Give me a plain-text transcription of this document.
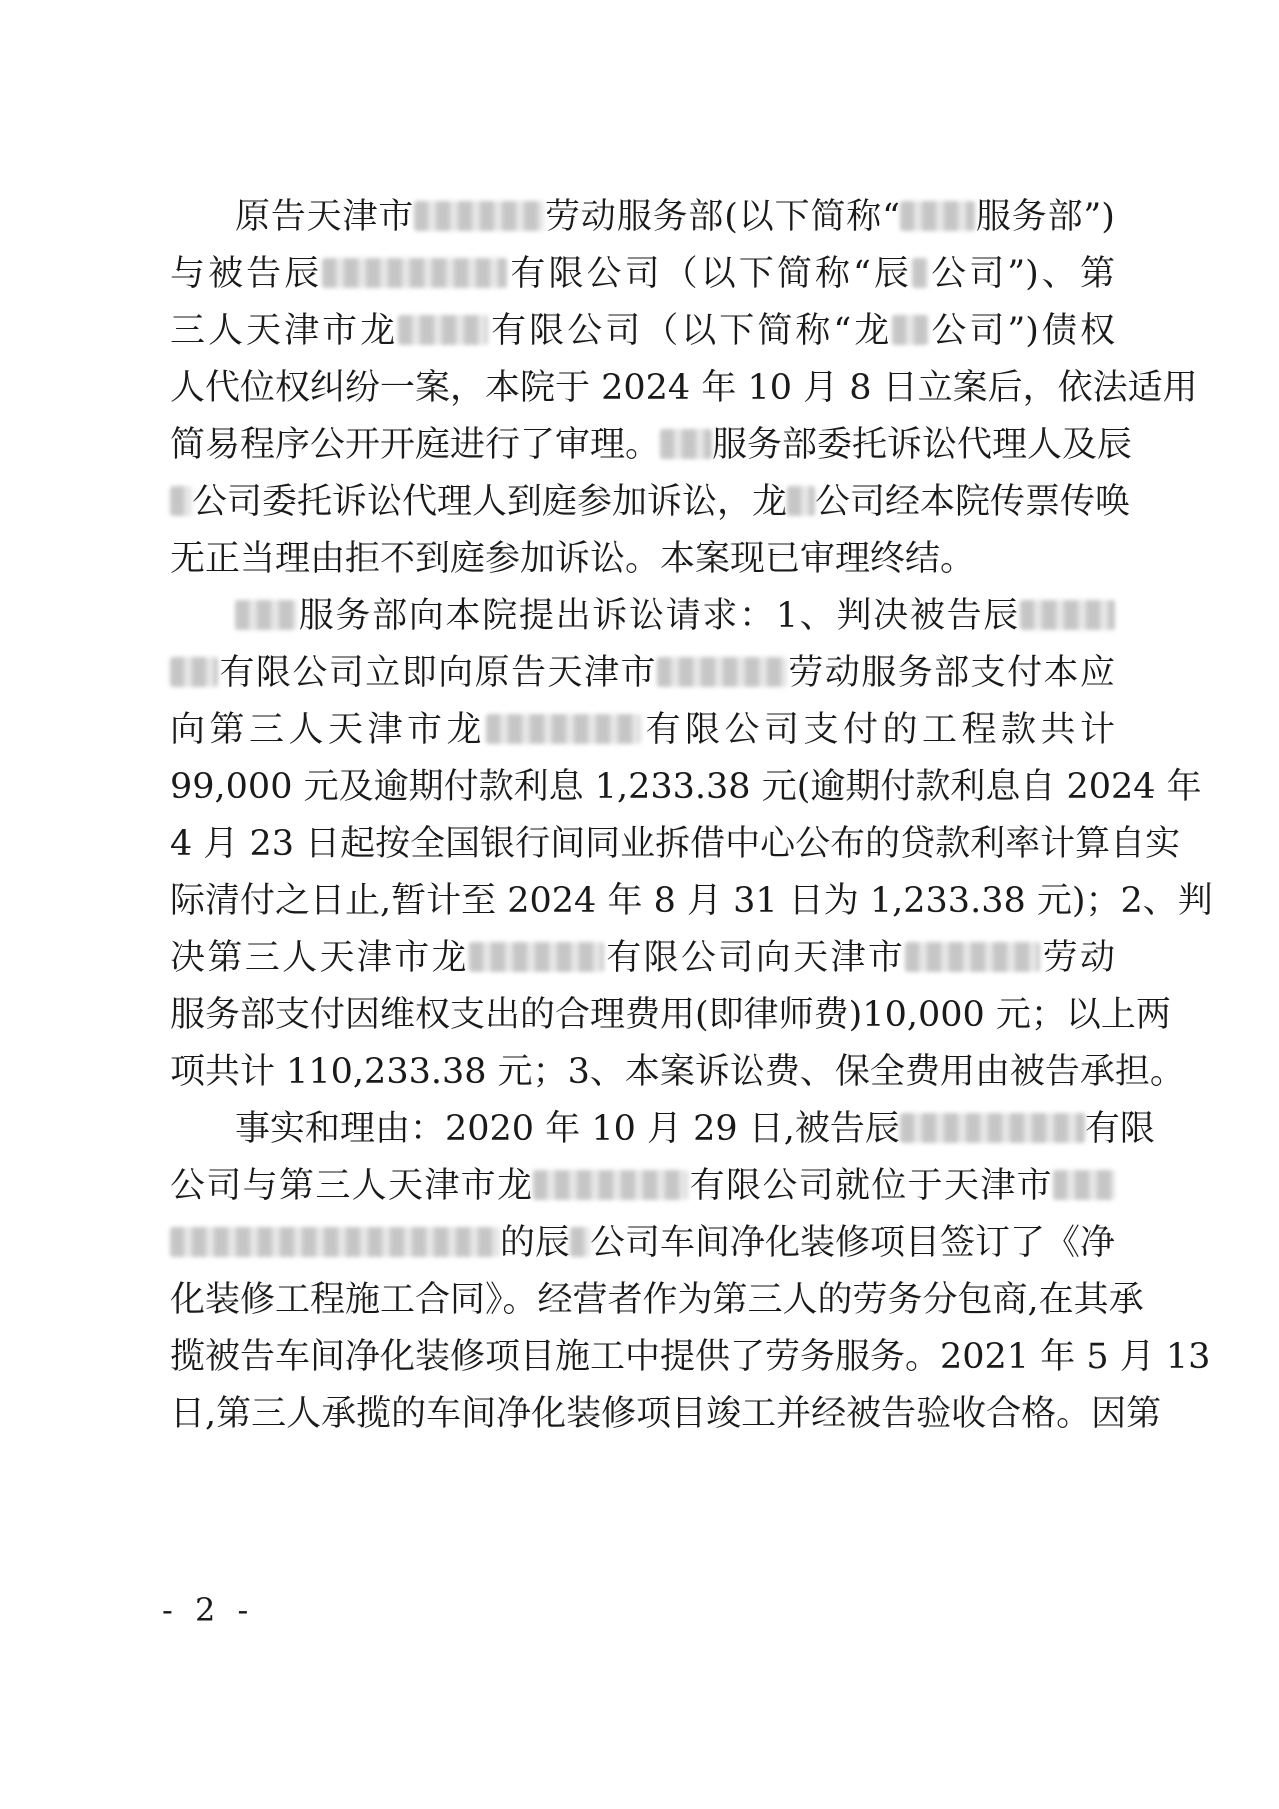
原告天津市	劳动服务部(以下简称“ 服务部”)
与被告辰	有限公司（以下简称“辰 公司”)、第
三人天津市龙	有限公司（以下简称“龙 公司”)债权
人代位权纠纷一案，本院于 2024 年 10 月 8 日立案后，依法适用
简易程序公开开庭进行了审理。 服务部委托诉讼代理人及辰
公司委托诉讼代理人到庭参加诉讼，龙 公司经本院传票传唤
无正当理由拒不到庭参加诉讼。本案现已审理终结。
服务部向本院提出诉讼请求：1、判决被告辰
有限公司立即向原告天津市	劳动服务部支付本应
向第三人天津市龙	有限公司支付的工程款共计
99,000 元及逾期付款利息 1,233.38 元(逾期付款利息自 2024 年
4 月 23 日起按全国银行间同业拆借中心公布的贷款利率计算自实
际清付之日止,暂计至 2024 年 8 月 31 日为 1,233.38 元)；2、判
决第三人天津市龙	有限公司向天津市	劳动
服务部支付因维权支出的合理费用(即律师费)10,000 元；以上两
项共计 110,233.38 元；3、本案诉讼费、保全费用由被告承担。
事实和理由：2020 年 10 月 29 日,被告辰	有限
公司与第三人天津市龙	有限公司就位于天津市
的辰 公司车间净化装修项目签订了《净
化装修工程施工合同》。经营者作为第三人的劳务分包商,在其承
揽被告车间净化装修项目施工中提供了劳务服务。2021 年 5 月 13
日,第三人承揽的车间净化装修项目竣工并经被告验收合格。因第
- 2 -
